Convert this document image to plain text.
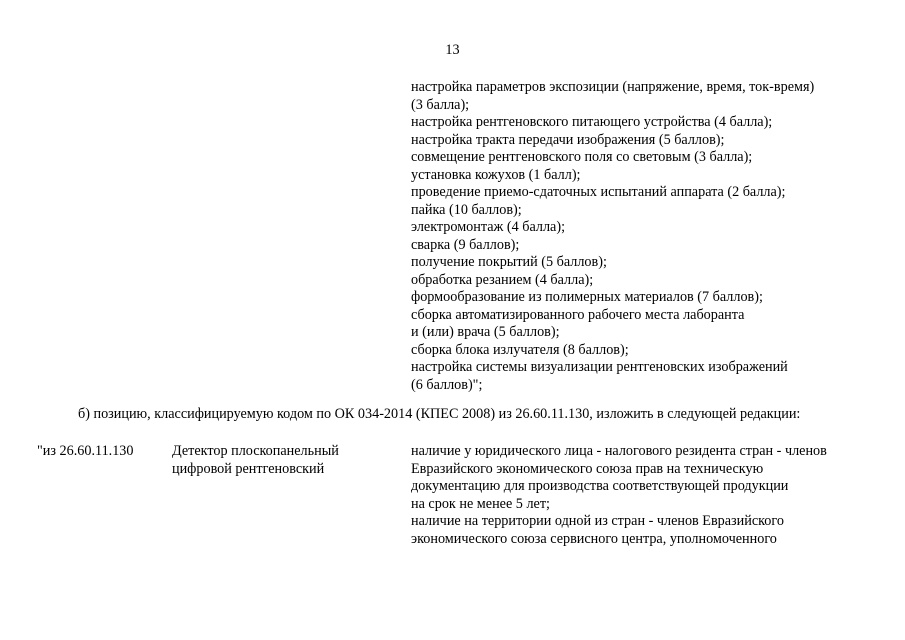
13
настройка параметров экспозиции (напряжение, время, ток-время)
(3 балла);
настройка рентгеновского питающего устройства (4 балла);
настройка тракта передачи изображения (5 баллов);
совмещение рентгеновского поля со световым (3 балла);
установка кожухов (1 балл);
проведение приемо-сдаточных испытаний аппарата (2 балла);
пайка (10 баллов);
электромонтаж (4 балла);
сварка (9 баллов);
получение покрытий (5 баллов);
обработка резанием (4 балла);
формообразование из полимерных материалов (7 баллов);
сборка автоматизированного рабочего места лаборанта
и (или) врача (5 баллов);
сборка блока излучателя (8 баллов);
настройка системы визуализации рентгеновских изображений
(6 баллов)";
б) позицию, классифицируемую кодом по ОК 034-2014 (КПЕС 2008) из 26.60.11.130, изложить в следующей редакции:
"из 26.60.11.130	Детектор плоскопанельный
цифровой рентгеновский
наличие у юридического лица - налогового резидента стран - членов
Евразийского экономического союза прав на техническую
документацию для производства соответствующей продукции
на срок не менее 5 лет;
наличие на территории одной из стран - членов Евразийского
экономического союза сервисного центра, уполномоченного
